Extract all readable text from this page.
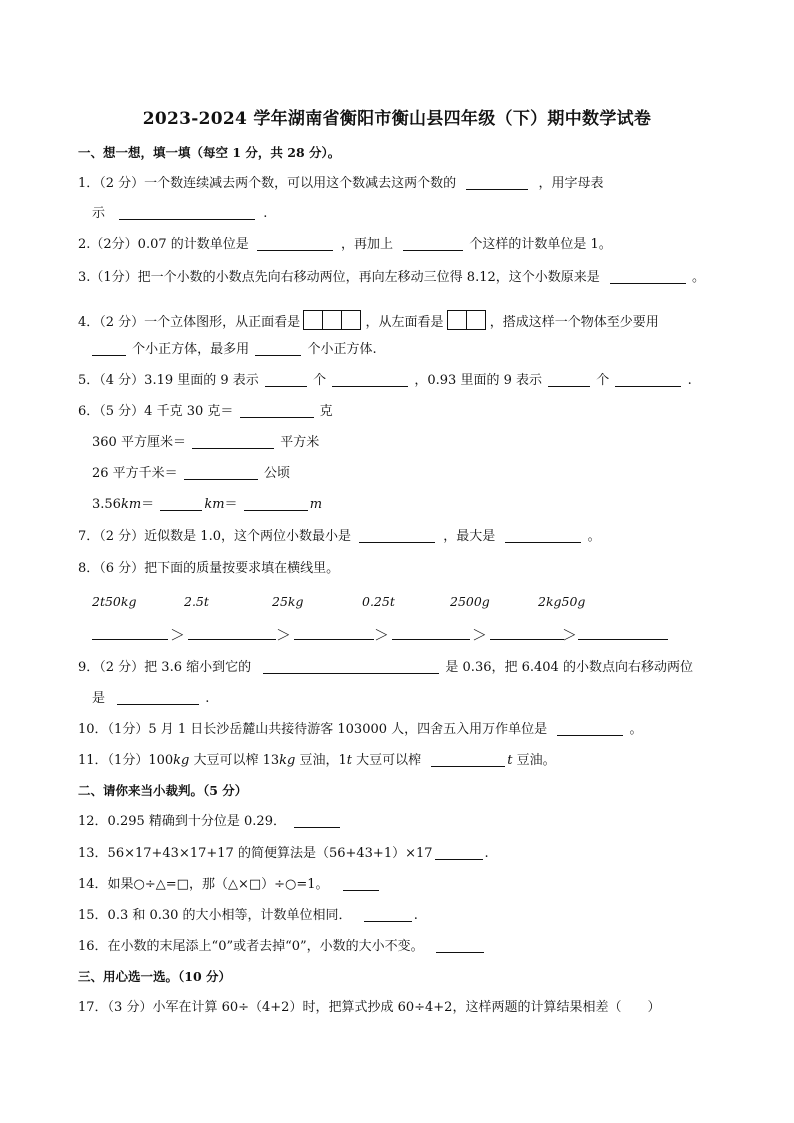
2023-2024 学年湖南省衡阳市衡山县四年级（下）期中数学试卷
一、想一想，填一填（每空 1 分，共 28 分）。
1．（2 分）一个数连续减去两个数，可以用这个数减去这两个数的	，用字母表
示	.
2.（2分）0.07 的计数单位是	，再加上	个这样的计数单位是 1。
3.（1分）把一个小数的小数点先向右移动两位，再向左移动三位得 8.12，这个小数原来是	。
4．（2 分）一个立体图形，从正面看是	，从左面看是	，搭成这样一个物体至少要用
个小正方体，最多用	个小正方体.
5．（4 分）3.19 里面的 9 表示	个	，0.93 里面的 9 表示	个	.
6．（5 分）4 千克 30 克＝	克
360 平方厘米＝	平方米
26 平方千米＝	公顷
3.56km＝	km＝	m
7．（2 分）近似数是 1.0，这个两位小数最小是	，最大是	。
8．（6 分）把下面的质量按要求填在横线里。
2t50kg	2.5t	25kg	0.25t	2500g	2kg50g
＞	＞	＞	＞	＞
9．（2 分）把 3.6 缩小到它的	是 0.36，把 6.404 的小数点向右移动两位
是	.
10．（1分）5 月 1 日长沙岳麓山共接待游客 103000 人，四舍五入用万作单位是	。
11．（1分）100kg 大豆可以榨 13kg 豆油，1t 大豆可以榨	t 豆油。
二、请你来当小裁判。（5 分）
12．0.295 精确到十分位是 0.29．
13．56×17+43×17+17 的简便算法是（56+43+1）×17	.
14．如果○÷△=□，那（△×□）÷○=1。
15．0.3 和 0.30 的大小相等，计数单位相同．	.
16．在小数的末尾添上“0”或者去掉“0”，小数的大小不变。
三、用心选一选。（10 分）
17．（3 分）小军在计算 60÷（4+2）时，把算式抄成 60÷4+2，这样两题的计算结果相差（　　）
